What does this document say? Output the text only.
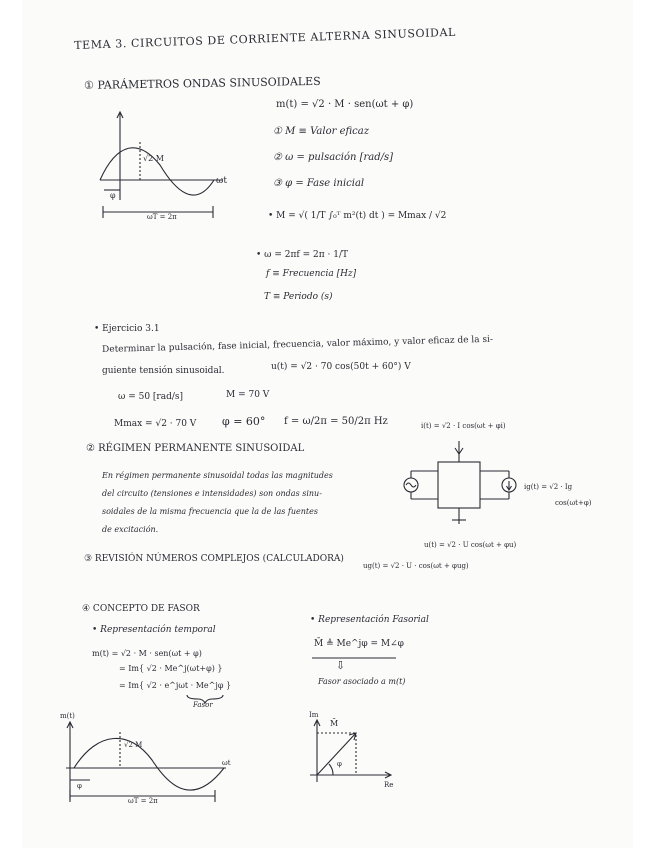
TEMA 3. CIRCUITOS DE CORRIENTE ALTERNA SINUSOIDAL
① PARÁMETROS ONDAS SINUSOIDALES
m(t) = √2 · M · sen(ωt + φ)
① M ≡ Valor eficaz
② ω = pulsación [rad/s]
③ φ = Fase inicial
• M = √( 1/T ∫₀ᵀ m²(t) dt ) = Mmax / √2
• ω = 2πf = 2π · 1/T
f ≡ Frecuencia [Hz]
T ≡ Periodo (s)
√2 M
φ
ωt
ωT = 2π
• Ejercicio 3.1
Determinar la pulsación, fase inicial, frecuencia, valor máximo, y valor eficaz de la si-
guiente tensión sinusoidal.	u(t) = √2 · 70 cos(50t + 60°) V
ω = 50 [rad/s]	M = 70 V
Mmax = √2 · 70 V φ = 60° f = ω/2π = 50/2π Hz
② RÉGIMEN PERMANENTE SINUSOIDAL
En régimen permanente sinusoidal todas las magnitudes
del circuito (tensiones e intensidades) son ondas sinu-
soidales de la misma frecuencia que la de las fuentes
de excitación.
i(t) = √2 · I cos(ωt + φi)
ig(t) = √2 · Ig
cos(ωt+φ)
u(t) = √2 · U cos(ωt + φu)
ug(t) = √2 · U · cos(ωt + φug)
③ REVISIÓN NÚMEROS COMPLEJOS (CALCULADORA)
④ CONCEPTO DE FASOR
• Representación temporal
m(t) = √2 · M · sen(ωt + φ)
= Im{ √2 · Me^j(ωt+φ) }
= Im{ √2 · e^jωt · Me^jφ }
Fasor
• Representación Fasorial
M̄ ≜ Me^jφ = M∠φ
⇩
Fasor asociado a m(t)
m(t)
√2 M
ωt
φ
ωT = 2π
Im
Re
M̄
φ
